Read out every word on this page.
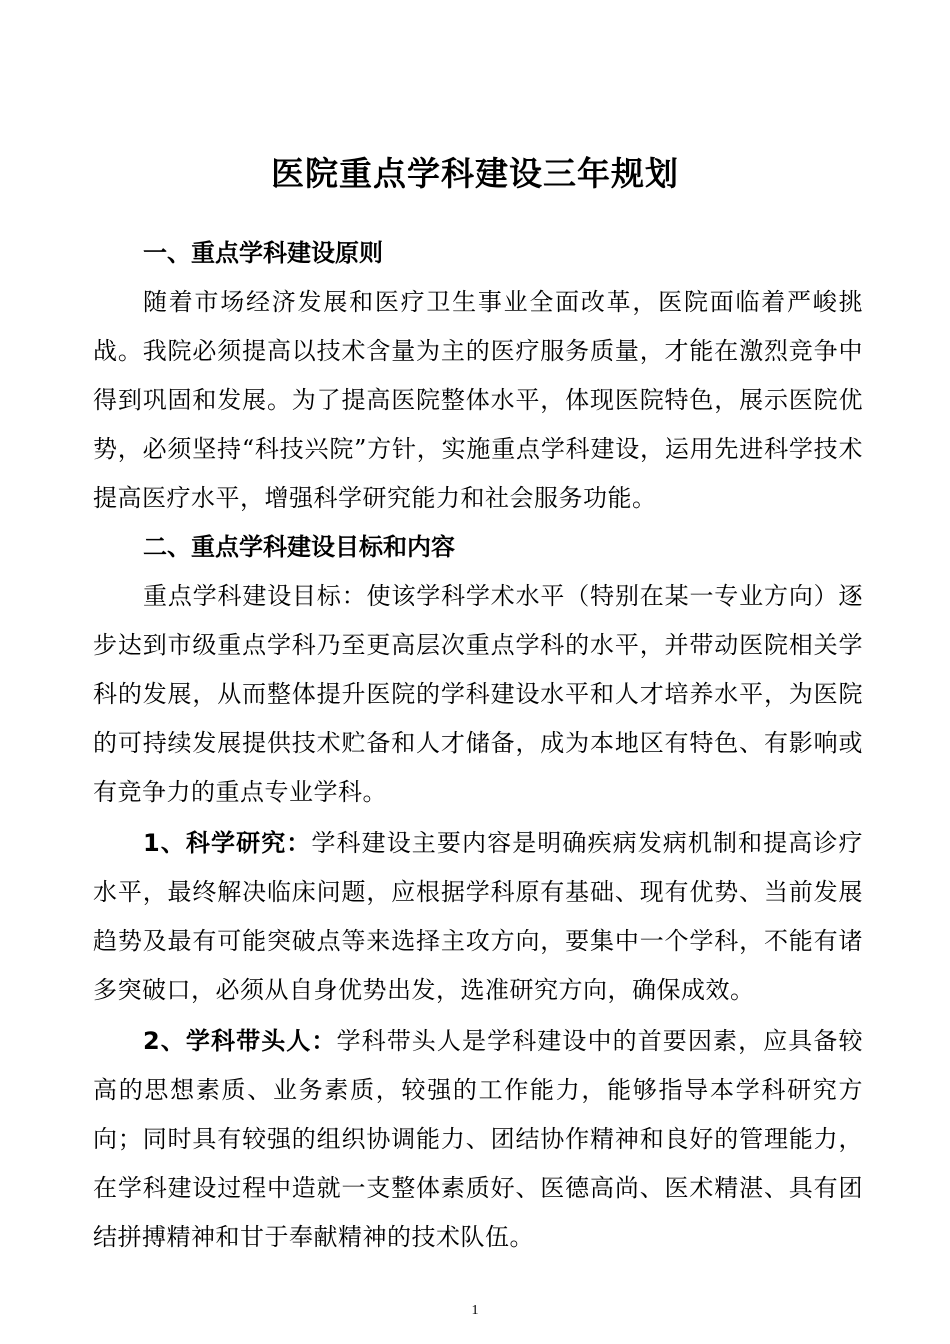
医院重点学科建设三年规划
一、重点学科建设原则

随着市场经济发展和医疗卫生事业全面改革，医院面临着严峻挑战。我院必须提高以技术含量为主的医疗服务质量，才能在激烈竞争中得到巩固和发展。为了提高医院整体水平，体现医院特色，展示医院优势，必须坚持“科技兴院”方针，实施重点学科建设，运用先进科学技术提高医疗水平，增强科学研究能力和社会服务功能。

二、重点学科建设目标和内容

重点学科建设目标：使该学科学术水平（特别在某一专业方向）逐步达到市级重点学科乃至更高层次重点学科的水平，并带动医院相关学科的发展，从而整体提升医院的学科建设水平和人才培养水平，为医院的可持续发展提供技术贮备和人才储备，成为本地区有特色、有影响或有竞争力的重点专业学科。

1、科学研究：学科建设主要内容是明确疾病发病机制和提高诊疗水平，最终解决临床问题，应根据学科原有基础、现有优势、当前发展趋势及最有可能突破点等来选择主攻方向，要集中一个学科，不能有诸多突破口，必须从自身优势出发，选准研究方向，确保成效。

2、学科带头人：学科带头人是学科建设中的首要因素，应具备较高的思想素质、业务素质，较强的工作能力，能够指导本学科研究方向；同时具有较强的组织协调能力、团结协作精神和良好的管理能力，在学科建设过程中造就一支整体素质好、医德高尚、医术精湛、具有团结拼搏精神和甘于奉献精神的技术队伍。

1
